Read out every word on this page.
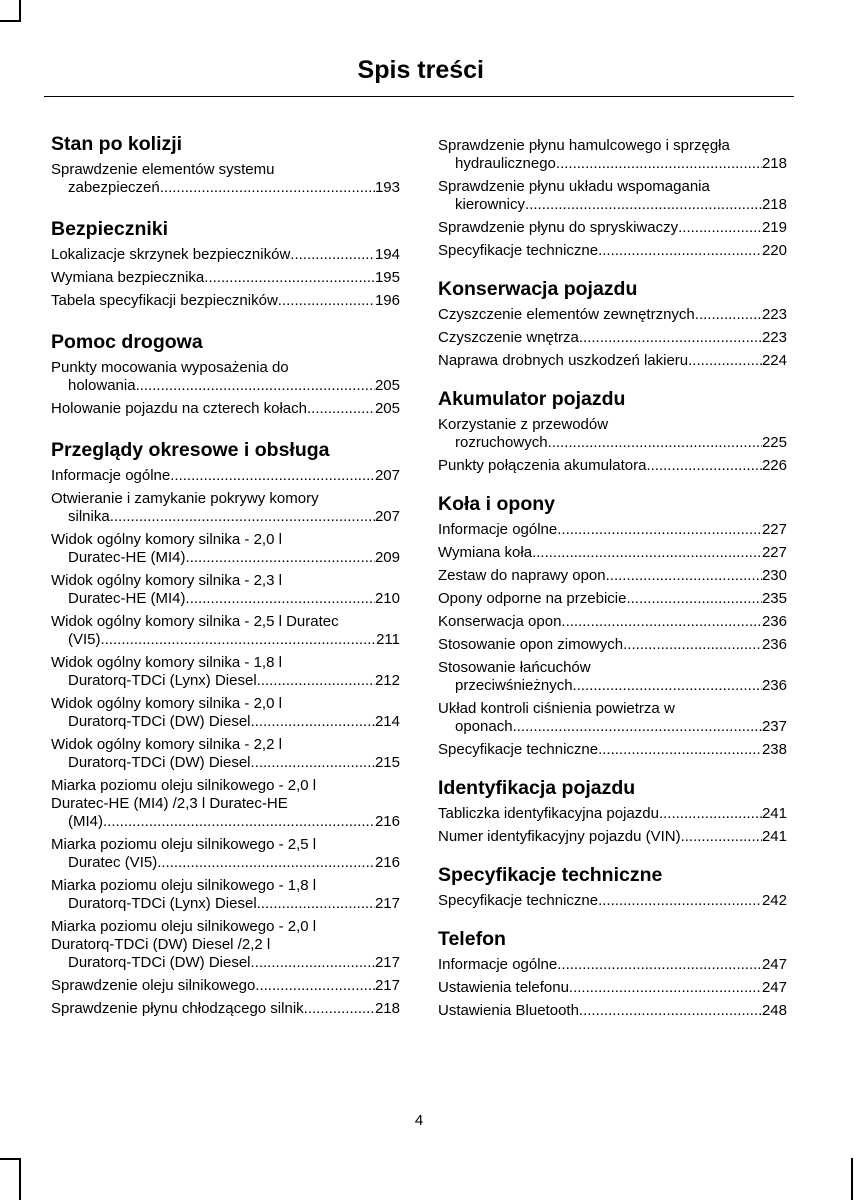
Spis treści
Stan po kolizji
Sprawdzenie elementów systemu
zabezpieczeń .....	193
Bezpieczniki
Lokalizacje skrzynek bezpieczników .....	194
Wymiana bezpiecznika .....	195
Tabela specyfikacji bezpieczników .....	196
Pomoc drogowa
Punkty mocowania wyposażenia do
holowania .....	205
Holowanie pojazdu na czterech kołach .....	205
Przeglądy okresowe i obsługa
Informacje ogólne .....	207
Otwieranie i zamykanie pokrywy komory
silnika .....	207
Widok ogólny komory silnika - 2,0 l
Duratec-HE (MI4) .....	209
Widok ogólny komory silnika - 2,3 l
Duratec-HE (MI4) .....	210
Widok ogólny komory silnika - 2,5 l Duratec
(VI5) .....	211
Widok ogólny komory silnika - 1,8 l
Duratorq-TDCi (Lynx) Diesel .....	212
Widok ogólny komory silnika - 2,0 l
Duratorq-TDCi (DW) Diesel .....	214
Widok ogólny komory silnika - 2,2 l
Duratorq-TDCi (DW) Diesel .....	215
Miarka poziomu oleju silnikowego - 2,0 l
Duratec-HE (MI4) /2,3 l Duratec-HE
(MI4) .....	216
Miarka poziomu oleju silnikowego - 2,5 l
Duratec (VI5) .....	216
Miarka poziomu oleju silnikowego - 1,8 l
Duratorq-TDCi (Lynx) Diesel .....	217
Miarka poziomu oleju silnikowego - 2,0 l
Duratorq-TDCi (DW) Diesel /2,2 l
Duratorq-TDCi (DW) Diesel .....	217
Sprawdzenie oleju silnikowego .....	217
Sprawdzenie płynu chłodzącego silnik .....	218
Sprawdzenie płynu hamulcowego i sprzęgła
hydraulicznego .....	218
Sprawdzenie płynu układu wspomagania
kierownicy .....	218
Sprawdzenie płynu do spryskiwaczy .....	219
Specyfikacje techniczne .....	220
Konserwacja pojazdu
Czyszczenie elementów zewnętrznych .....	223
Czyszczenie wnętrza .....	223
Naprawa drobnych uszkodzeń lakieru .....	224
Akumulator pojazdu
Korzystanie z przewodów
rozruchowych .....	225
Punkty połączenia akumulatora .....	226
Koła i opony
Informacje ogólne .....	227
Wymiana koła .....	227
Zestaw do naprawy opon .....	230
Opony odporne na przebicie .....	235
Konserwacja opon .....	236
Stosowanie opon zimowych .....	236
Stosowanie łańcuchów
przeciwśnieżnych .....	236
Układ kontroli ciśnienia powietrza w
oponach .....	237
Specyfikacje techniczne .....	238
Identyfikacja pojazdu
Tabliczka identyfikacyjna pojazdu .....	241
Numer identyfikacyjny pojazdu (VIN) .....	241
Specyfikacje techniczne
Specyfikacje techniczne .....	242
Telefon
Informacje ogólne .....	247
Ustawienia telefonu .....	247
Ustawienia Bluetooth .....	248
4
